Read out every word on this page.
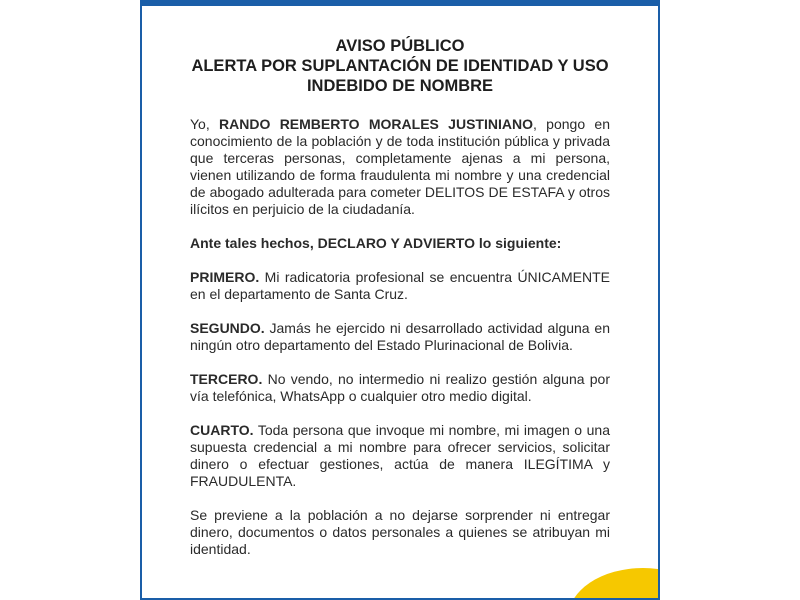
AVISO PÚBLICO
ALERTA POR SUPLANTACIÓN DE IDENTIDAD Y USO INDEBIDO DE NOMBRE

Yo, RANDO REMBERTO MORALES JUSTINIANO, pongo en conocimiento de la población y de toda institución pública y privada que terceras personas, completamente ajenas a mi persona, vienen utilizando de forma fraudulenta mi nombre y una credencial de abogado adulterada para cometer DELITOS DE ESTAFA y otros ilícitos en perjuicio de la ciudadanía.

Ante tales hechos, DECLARO Y ADVIERTO lo siguiente:

PRIMERO. Mi radicatoria profesional se encuentra ÚNICAMENTE en el departamento de Santa Cruz.

SEGUNDO. Jamás he ejercido ni desarrollado actividad alguna en ningún otro departamento del Estado Plurinacional de Bolivia.

TERCERO. No vendo, no intermedio ni realizo gestión alguna por vía telefónica, WhatsApp o cualquier otro medio digital.

CUARTO. Toda persona que invoque mi nombre, mi imagen o una supuesta credencial a mi nombre para ofrecer servicios, solicitar dinero o efectuar gestiones, actúa de manera ILEGÍTIMA y FRAUDULENTA.

Se previene a la población a no dejarse sorprender ni entregar dinero, documentos o datos personales a quienes se atribuyan mi identidad.
